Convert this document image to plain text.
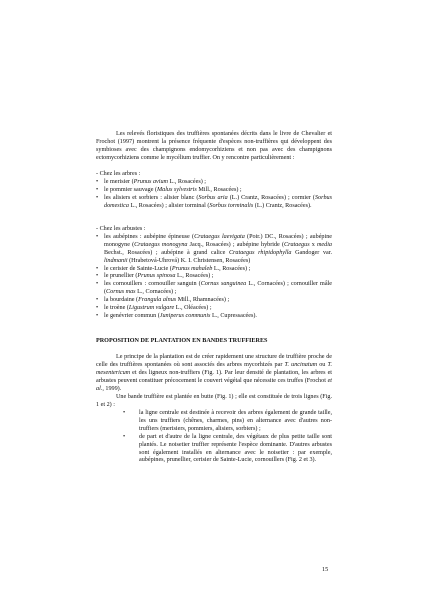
Les relevés floristiques des truffières spontanées décrits dans le livre de Chevalier et Frochot (1997) montrent la présence fréquente d'espèces non-truffières qui développent des symbioses avec des champignons endomycorhiziens et non pas avec des champignons ectomycorhiziens comme le mycélium truffier. On y rencontre particulièrement :
- Chez les arbres :
• le merisier (Prunus avium L., Rosacées) ;
• le pommier sauvage (Malus sylvestris Mill., Rosacées) ;
• les alisiers et sorbiers : alisier blanc (Sorbus aria (L.) Crantz, Rosacées) ; cormier (Sorbus domestica L., Rosacées) ; alisier torminal (Sorbus torminalis (L.) Crantz, Rosacées).
- Chez les arbustes :
• les aubépines : aubépine épineuse (Crataegus laevigata (Poir.) DC., Rosacées) ; aubépine monogyne (Crataegus monogyna Jacq., Rosacées) ; aubépine hybride (Crataegus x media Bechst., Rosacées) ; aubépine à grand calice Crataegus rhipidophylla Gandoger var. lindmanii (Hrabetová-Uhrová) K. I. Christensen, Rosacées)
• le cerisier de Sainte-Lucie (Prunus mahaleb L., Rosacées) ;
• le prunellier (Prunus spinosa L., Rosacées) ;
• les cornouillers : cornouiller sanguin (Cornus sanguinea L., Cornacées) ; cornouiller mâle (Cornus mas L., Cornacées) ;
• la bourdaine (Frangula alnus Mill., Rhamnacées) ;
• le troène (Ligustrum vulgare L., Oléacées) ;
• le genévrier commun (Juniperus communis L., Cupressacées).
PROPOSITION DE PLANTATION EN BANDES TRUFFIERES
Le principe de la plantation est de créer rapidement une structure de truffière proche de celle des truffières spontanées où sont associés des arbres mycorhizés par T. uncinatum ou T. mesentericum et des ligneux non-truffiers (Fig. 1). Par leur densité de plantation, les arbres et arbustes peuvent constituer précocement le couvert végétal que nécessite ces truffes (Frochot et al., 1999).
Une bande truffière est plantée en butte (Fig. 1) ; elle est constituée de trois lignes (Fig. 1 et 2) :
• la ligne centrale est destinée à recevoir des arbres également de grande taille, les uns truffiers (chênes, charmes, pins) en alternance avec d'autres non-truffiers (merisiers, pommiers, alisiers, sorbiers) ;
• de part et d'autre de la ligne centrale, des végétaux de plus petite taille sont plantés. Le noisetier truffier représente l'espèce dominante. D'autres arbustes sont également installés en alternance avec le noisetier : par exemple, aubépines, prunellier, cerisier de Sainte-Lucie, cornouillers (Fig. 2 et 3).
15
